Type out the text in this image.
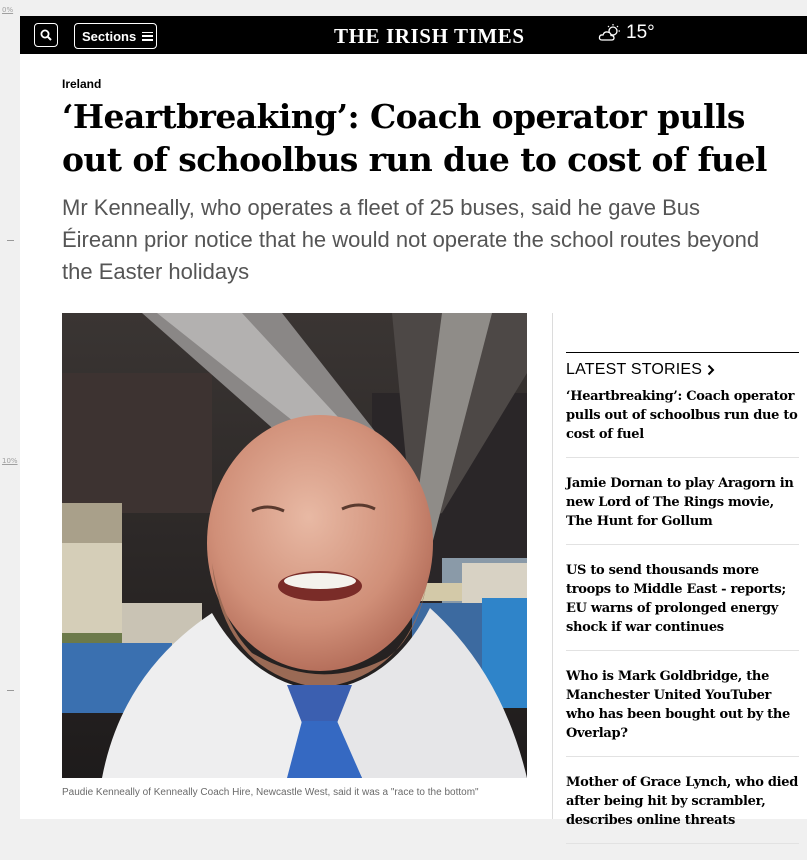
0%
10%
Sections	THE IRISH TIMES	15°
Ireland
‘Heartbreaking’: Coach operator pulls out of schoolbus run due to cost of fuel

Mr Kenneally, who operates a fleet of 25 buses, said he gave Bus Éireann prior notice that he would not operate the school routes beyond the Easter holidays

Paudie Kenneally of Kenneally Coach Hire, Newcastle West, said it was a "race to the bottom"
LATEST STORIES
‘Heartbreaking’: Coach operator pulls out of schoolbus run due to cost of fuel
Jamie Dornan to play Aragorn in new Lord of The Rings movie, The Hunt for Gollum
US to send thousands more troops to Middle East - reports; EU warns of prolonged energy shock if war continues
Who is Mark Goldbridge, the Manchester United YouTuber who has been bought out by the Overlap?
Mother of Grace Lynch, who died after being hit by scrambler, describes online threats
